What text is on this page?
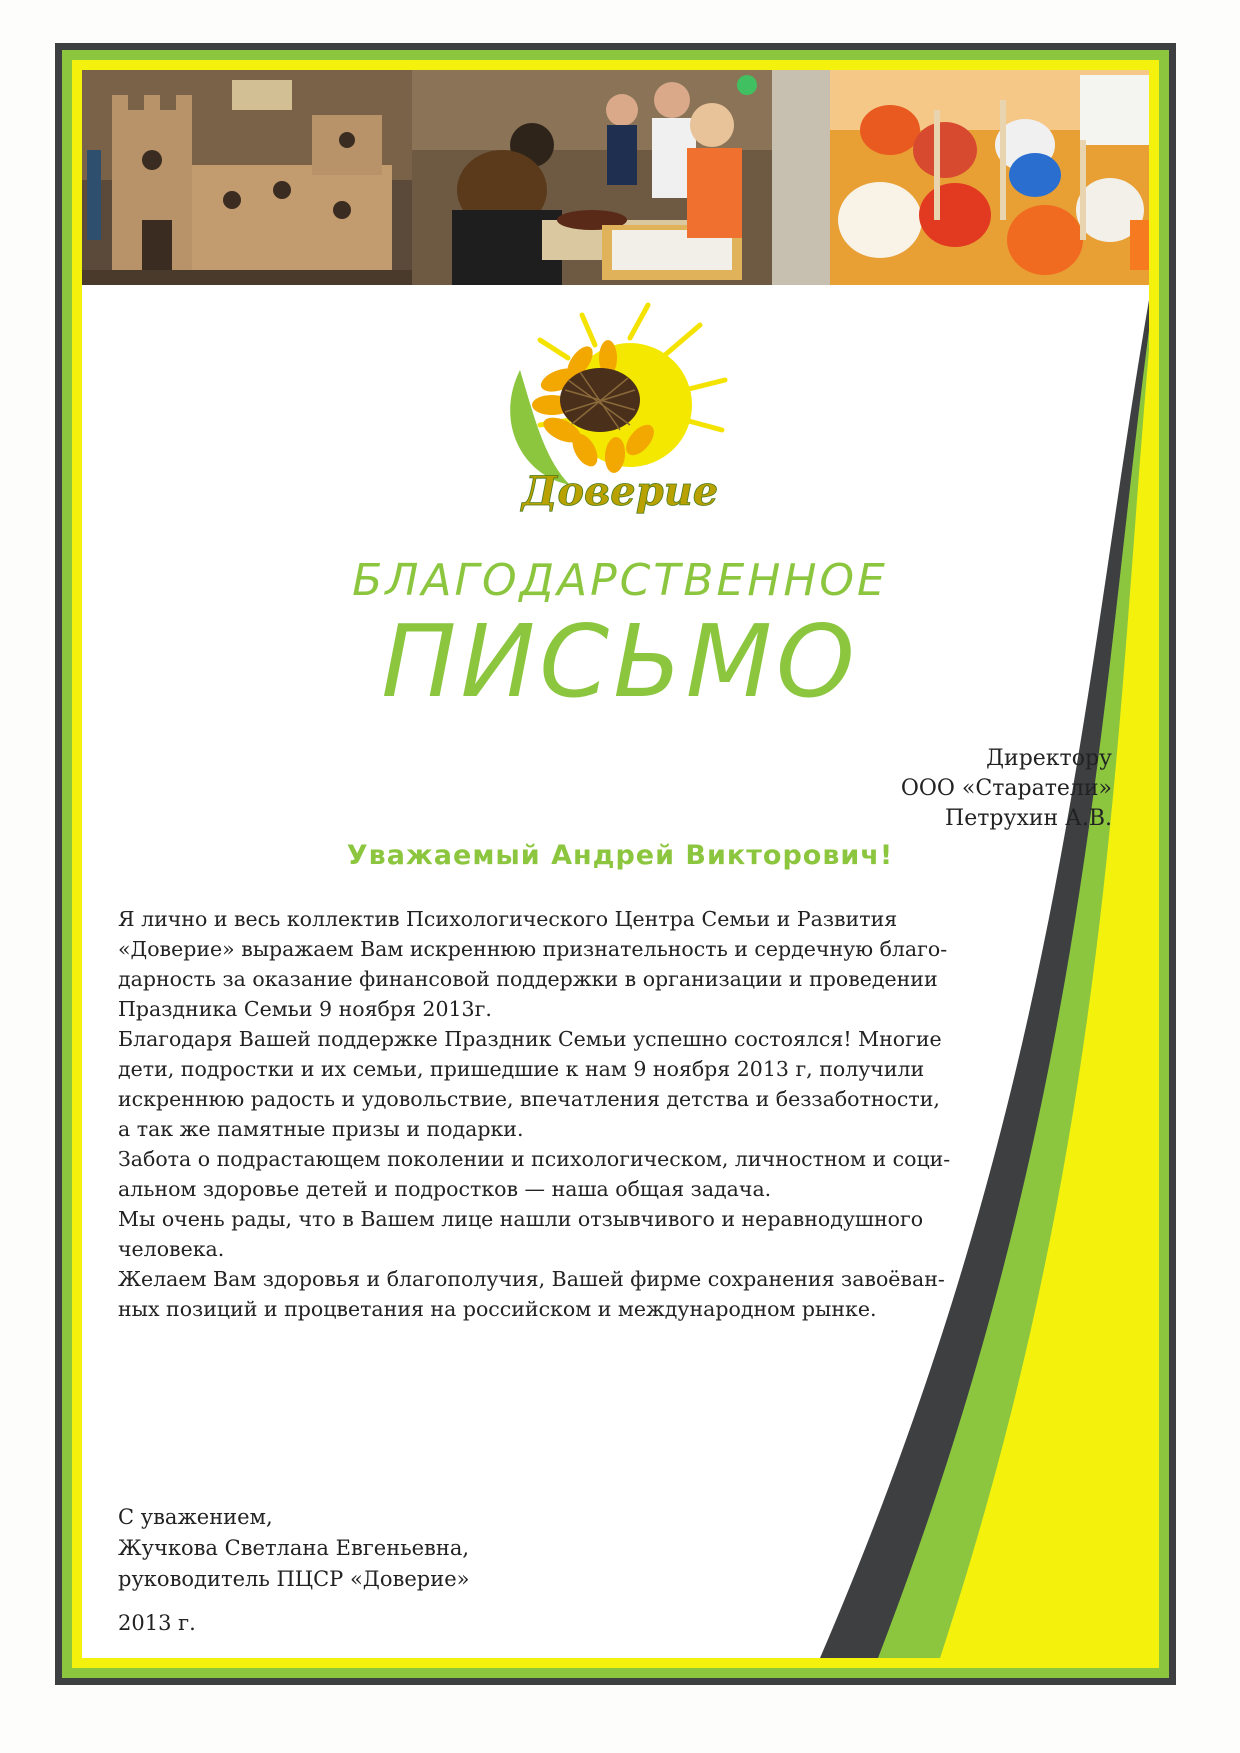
Доверие
БЛАГОДАРСТВЕННОЕ
ПИСЬМО
Директору
ООО «Старатели»
Петрухин А.В.
Уважаемый Андрей Викторович!

Я лично и весь коллектив Психологического Центра Семьи и Развития

«Доверие» выражаем Вам искреннюю признательность и сердечную благо-

дарность за оказание финансовой поддержки в организации и проведении

Праздника Семьи 9 ноября 2013г.

Благодаря Вашей поддержке Праздник Семьи успешно состоялся! Многие

дети, подростки и их семьи, пришедшие к нам 9 ноября 2013 г, получили

искреннюю радость и удовольствие, впечатления детства и беззаботности,

а так же памятные призы и подарки.

Забота о подрастающем поколении и психологическом, личностном и соци-

альном здоровье детей и подростков — наша общая задача.

Мы очень рады, что в Вашем лице нашли отзывчивого и неравнодушного

человека.

Желаем Вам здоровья и благополучия, Вашей фирме сохранения завоёван-

ных позиций и процветания на российском и международном рынке.

С уважением,
Жучкова Светлана Евгеньевна,
руководитель ПЦСР «Доверие»
2013 г.
